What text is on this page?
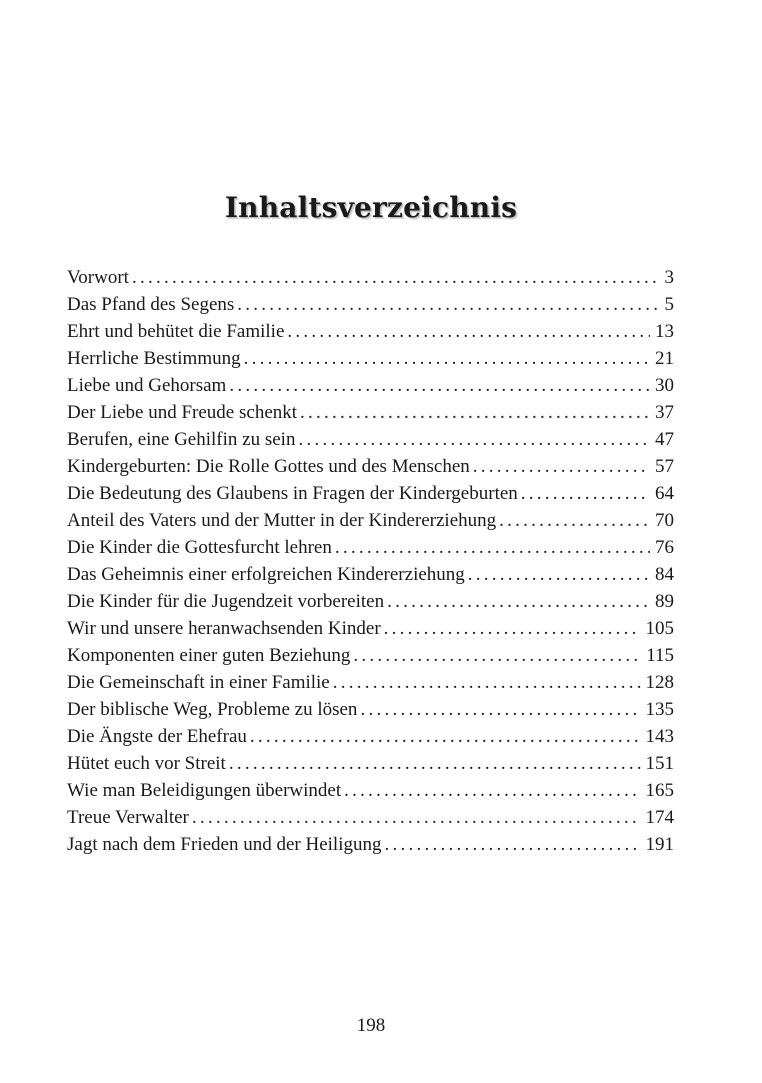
Inhaltsverzeichnis
Vorwort . . .	3
Das Pfand des Segens . . .	5
Ehrt und behütet die Familie . . .	13
Herrliche Bestimmung . . .	21
Liebe und Gehorsam . . .	30
Der Liebe und Freude schenkt . . .	37
Berufen, eine Gehilfin zu sein . . .	47
Kindergeburten: Die Rolle Gottes und des Menschen . . .	57
Die Bedeutung des Glaubens in Fragen der Kindergeburten . . .	64
Anteil des Vaters und der Mutter in der Kindererziehung . . .	70
Die Kinder die Gottesfurcht lehren . . .	76
Das Geheimnis einer erfolgreichen Kindererziehung . . .	84
Die Kinder für die Jugendzeit vorbereiten . . .	89
Wir und unsere heranwachsenden Kinder . . .	105
Komponenten einer guten Beziehung . . .	115
Die Gemeinschaft in einer Familie . . .	128
Der biblische Weg, Probleme zu lösen . . .	135
Die Ängste der Ehefrau . . .	143
Hütet euch vor Streit . . .	151
Wie man Beleidigungen überwindet . . .	165
Treue Verwalter . . .	174
Jagt nach dem Frieden und der Heiligung . . .	191
198
